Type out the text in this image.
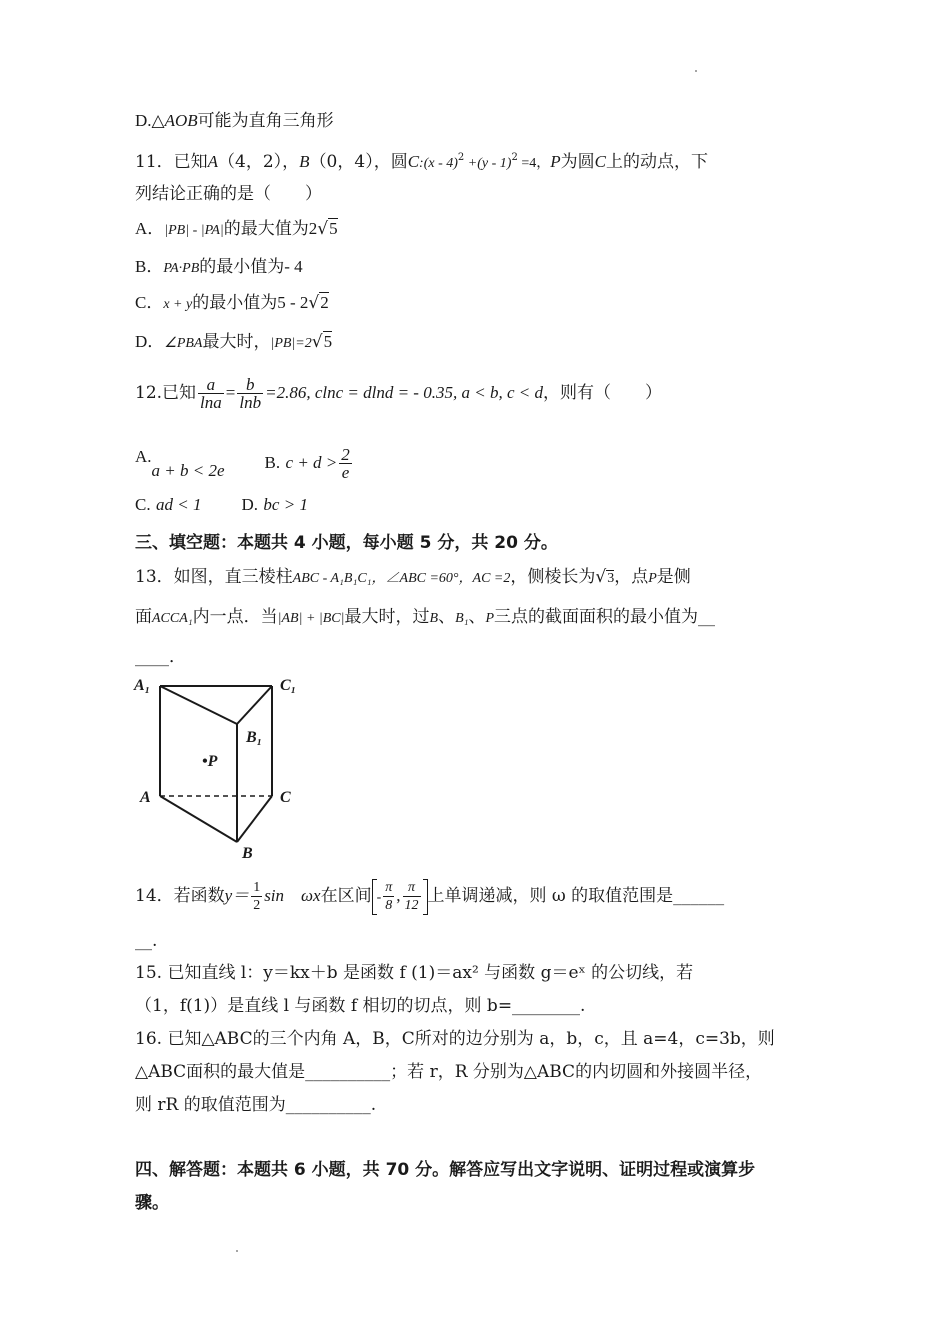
D.△AOB可能为直角三角形
11．已知A（4，2），B（0，4），圆C:(x - 4)$^2$ +(y - 1)$^2$ =4，P为圆C上的动点，下
列结论正确的是（　　）
A．|PB| - |PA|的最大值为2√5
B．PA·PB的最小值为- 4
C．x + y的最小值为5 - 2√2
D．∠PBA最大时，|PB|=2√5
12.已知 $\frac{a}{\ln a} = \frac{b}{\ln b} =2.86$, clnc = dlnd = - 0.35, a < b, c < d，则有（　　）
A.a + b < 2e B. $c + d > \frac{2}{e}$
C. ad < 1 D. bc > 1
三、填空题：本题共 4 小题，每小题 5 分，共 20 分。
13．如图，直三棱柱ABC - A₁B₁C₁，∠ABC =60°，AC =2，侧棱长为√3，点P是侧
面ACCA₁内一点．当|AB| + |BC|最大时，过B、B₁、P三点的截面面积的最小值为__
____．
A₁	C₁
B₁
•P
A	C
B
14．若函数$y= \frac{1}{2}$ sin　ωx在区间 - $\frac{\pi}{8}$ , $\frac{\pi}{12}$ 上单调递减，则 ω 的取值范围是______
__.
15. 已知直线 l：y＝kx＋b 是函数 f (1)＝ax² 与函数 g＝eˣ 的公切线，若
（1，f(1)）是直线 l 与函数 f 相切的切点，则 b=________.
16. 已知△ABC的三个内角 A，B，C所对的边分别为 a，b，c，且 a=4，c=3b，则
△ABC面积的最大值是__________；若 r，R 分别为△ABC的内切圆和外接圆半径，
则 rR 的取值范围为__________.
四、解答题：本题共 6 小题，共 70 分。解答应写出文字说明、证明过程或演算步
骤。
